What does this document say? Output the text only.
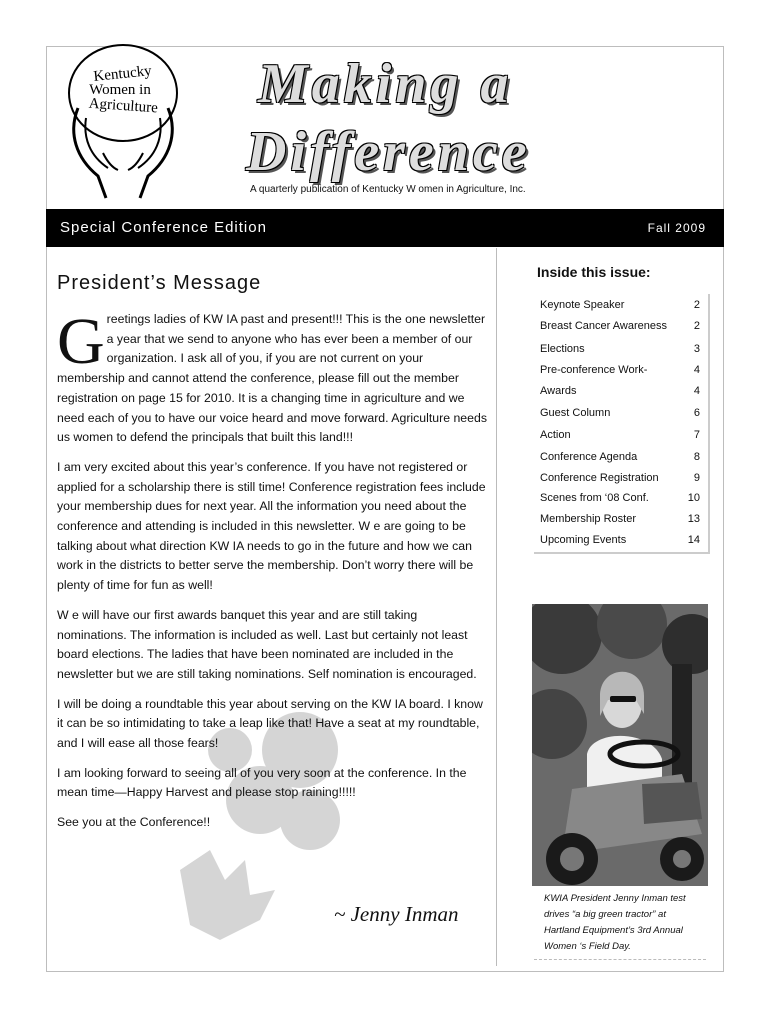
Kentucky
Women in
Agriculture Making a
Difference
A quarterly publication of Kentucky W omen in Agriculture, Inc.
Special Conference Edition	Fall 2009
President’s Message

Greetings ladies of KW IA past and present!!! This is the one newsletter a year that we send to anyone who has ever been a member of our organization. I ask all of you, if you are not current on your membership and cannot attend the conference, please fill out the member registration on page 15 for 2010. It is a changing time in agriculture and we need each of you to have our voice heard and move forward. Agriculture needs us women to defend the principals that built this land!!!

I am very excited about this year’s conference. If you have not registered or applied for a scholarship there is still time! Conference registration fees include your membership dues for next year. All the information you need about the conference and attending is included in this newsletter. W e are going to be talking about what direction KW IA needs to go in the future and how we can work in the districts to better serve the membership. Don’t worry there will be plenty of time for fun as well!

W e will have our first awards banquet this year and are still taking nominations. The information is included as well. Last but certainly not least board elections. The ladies that have been nominated are included in the newsletter but we are still taking nominations. Self nomination is encouraged.

I will be doing a roundtable this year about serving on the KW IA board. I know it can be so intimidating to take a leap like that! Have a seat at my roundtable, and I will ease all those fears!

I am looking forward to seeing all of you very soon at the conference. In the mean time—Happy Harvest and please stop raining!!!!!

See you at the Conference!!

~ Jenny Inman
Inside this issue:
Keynote Speaker	2
Breast Cancer Awareness 2
Elections	3
Pre-conference Work-	4
Awards	4
Guest Column	6
Action	7
Conference Agenda	8
Conference Registration	9
Scenes from ‘08 Conf.	10
Membership Roster	13
Upcoming Events	14
KWIA President Jenny Inman test drives “a big green tractor” at Hartland Equipment’s 3rd Annual Women ‘s Field Day.
